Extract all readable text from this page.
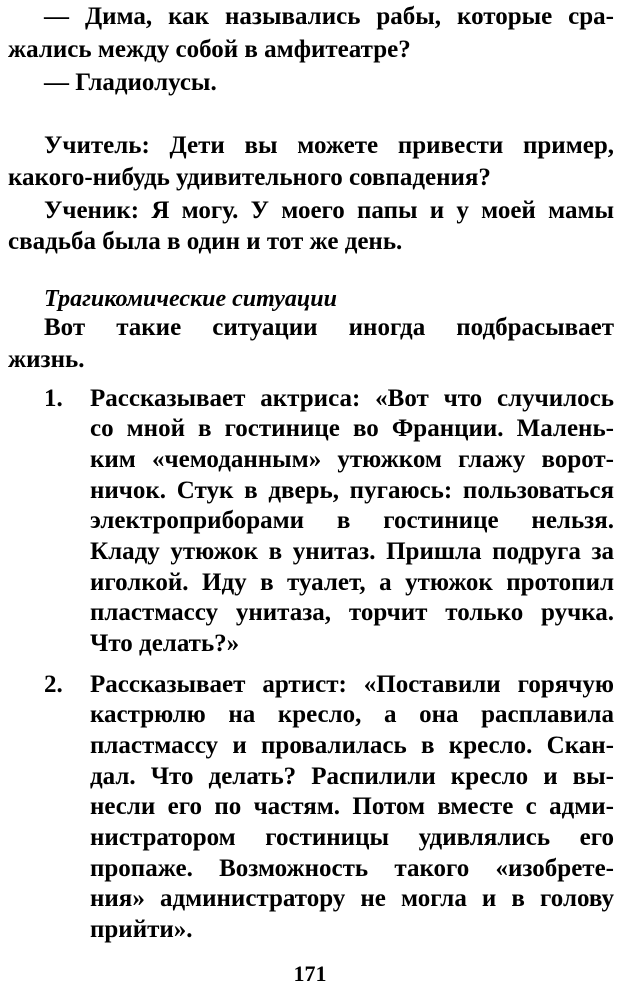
— Дима, как назывались рабы, которые сра-
жались между собой в амфитеатре?
— Гладиолусы.
Учитель: Дети вы можете привести пример,
какого-нибудь удивительного совпадения?
Ученик: Я могу. У моего папы и у моей мамы
свадьба была в один и тот же день.
Трагикомические ситуации
Вот такие ситуации иногда подбрасывает
жизнь.
1. Рассказывает актриса: «Вот что случилось
со мной в гостинице во Франции. Малень-
ким «чемоданным» утюжком глажу ворот-
ничок. Стук в дверь, пугаюсь: пользоваться
электроприборами в гостинице нельзя.
Кладу утюжок в унитаз. Пришла подруга за
иголкой. Иду в туалет, а утюжок протопил
пластмассу унитаза, торчит только ручка.
Что делать?»
2. Рассказывает артист: «Поставили горячую
кастрюлю на кресло, а она расплавила
пластмассу и провалилась в кресло. Скан-
дал. Что делать? Распилили кресло и вы-
несли его по частям. Потом вместе с адми-
нистратором гостиницы удивлялись его
пропаже. Возможность такого «изобрете-
ния» администратору не могла и в голову
прийти».
171
